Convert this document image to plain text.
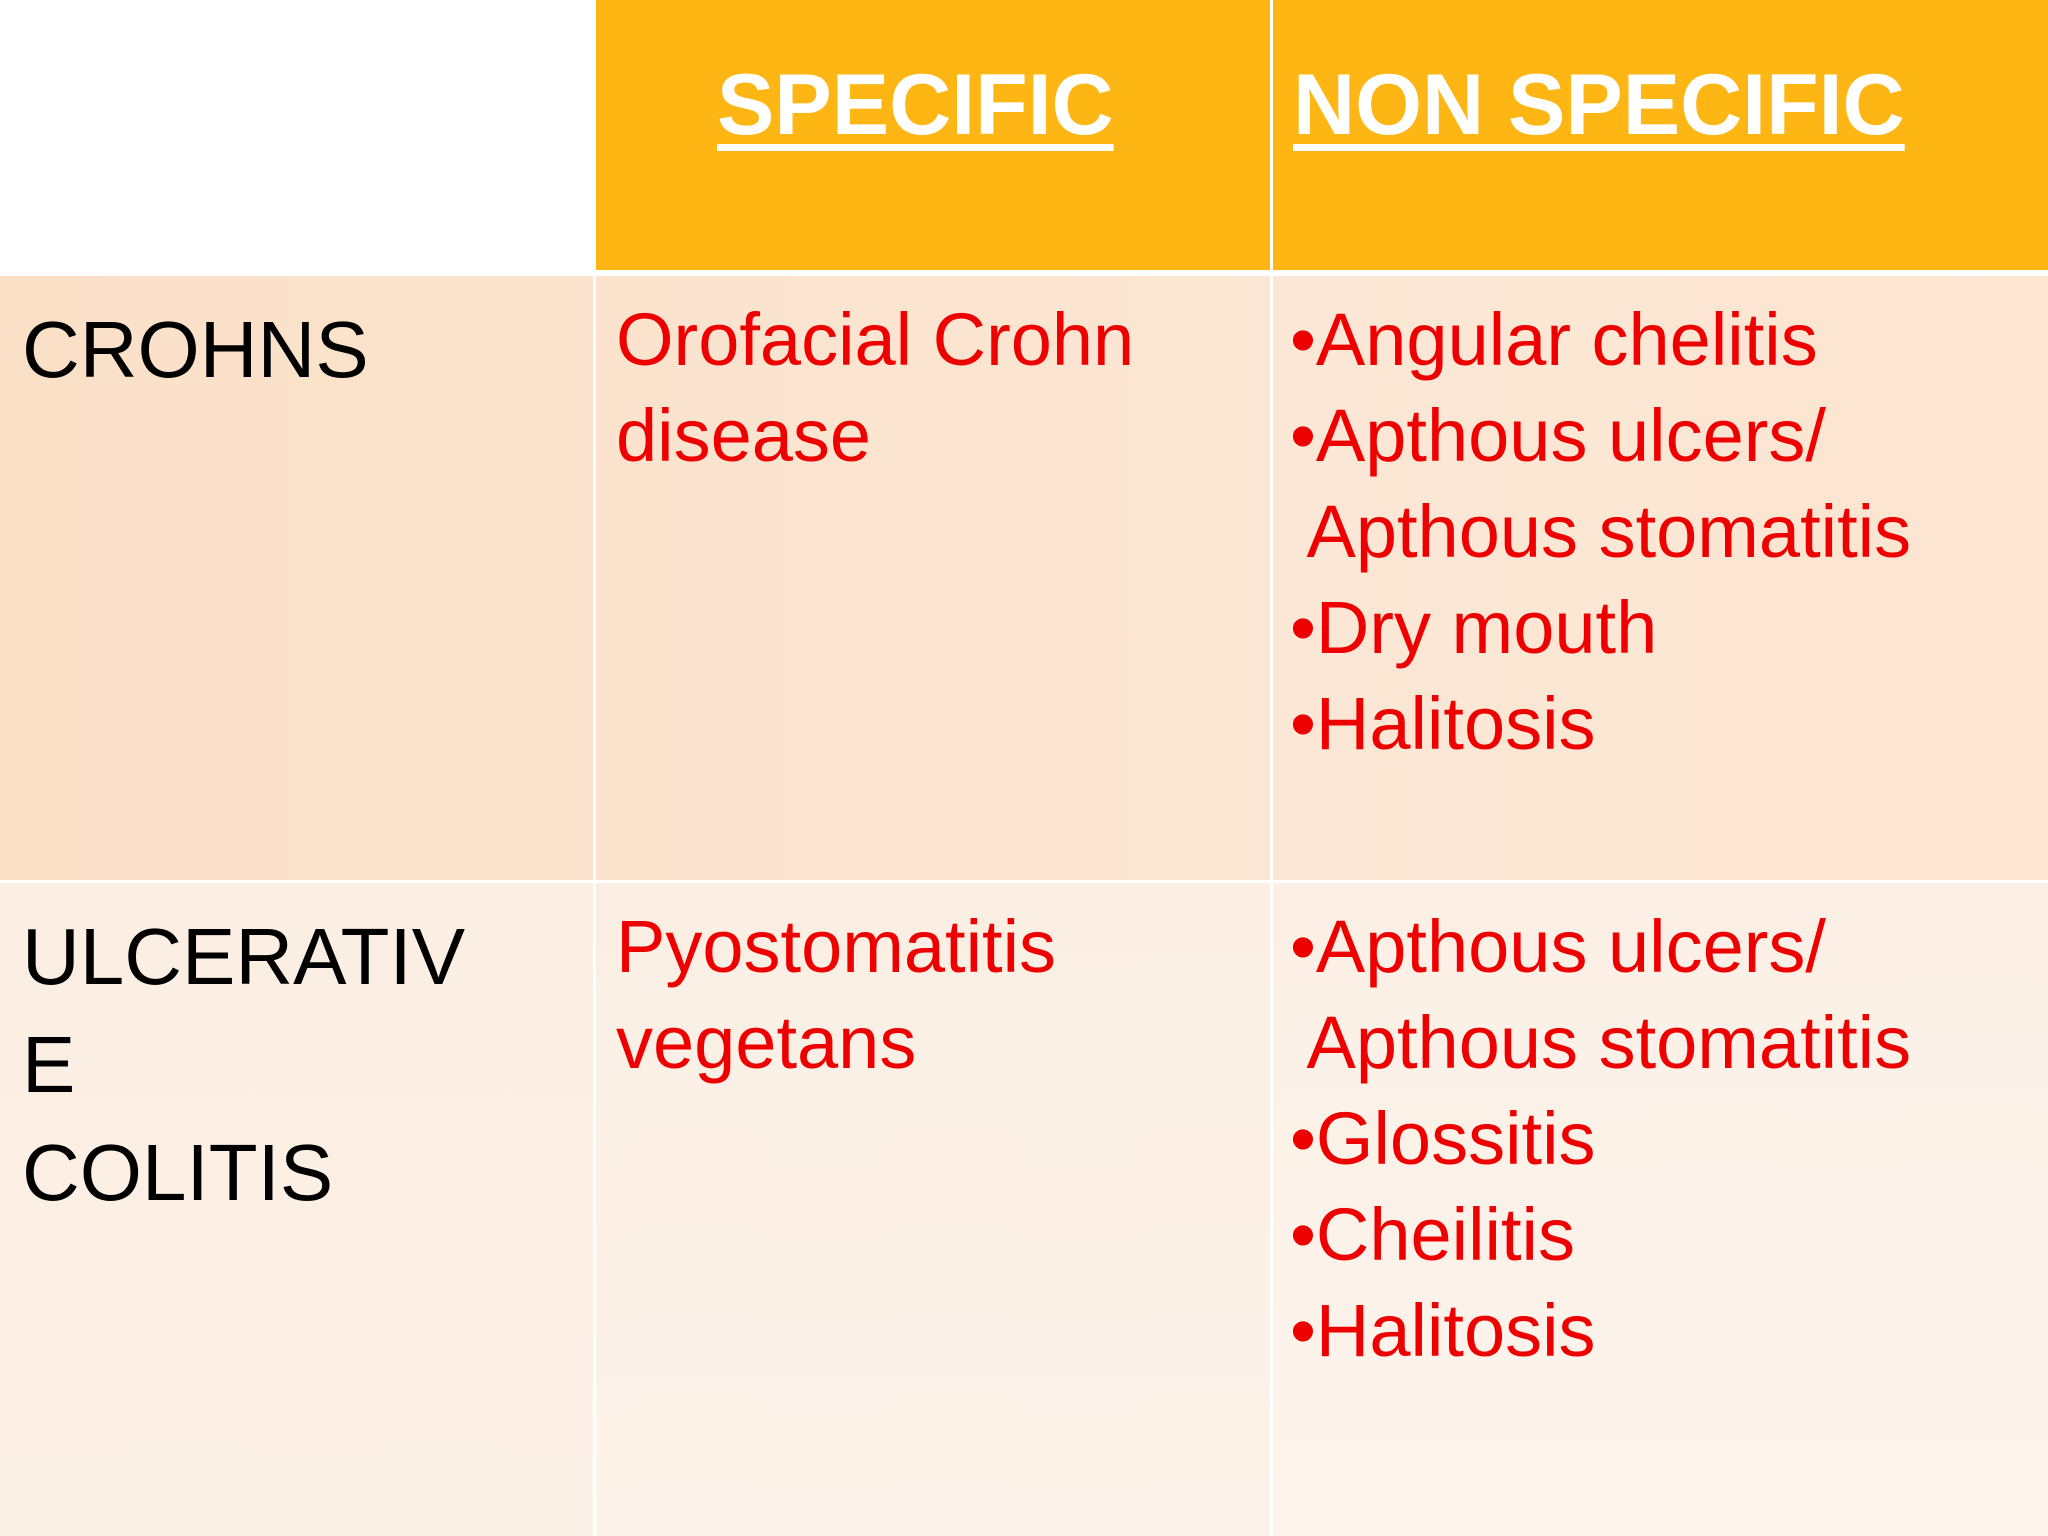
SPECIFIC NON SPECIFIC
CROHNS	Orofacial Crohn
disease
•Angular chelitis
•Apthous ulcers/
Apthous stomatitis
•Dry mouth
•Halitosis
ULCERATIV
E
COLITIS
Pyostomatitis
vegetans
•Apthous ulcers/
Apthous stomatitis
•Glossitis
•Cheilitis
•Halitosis
